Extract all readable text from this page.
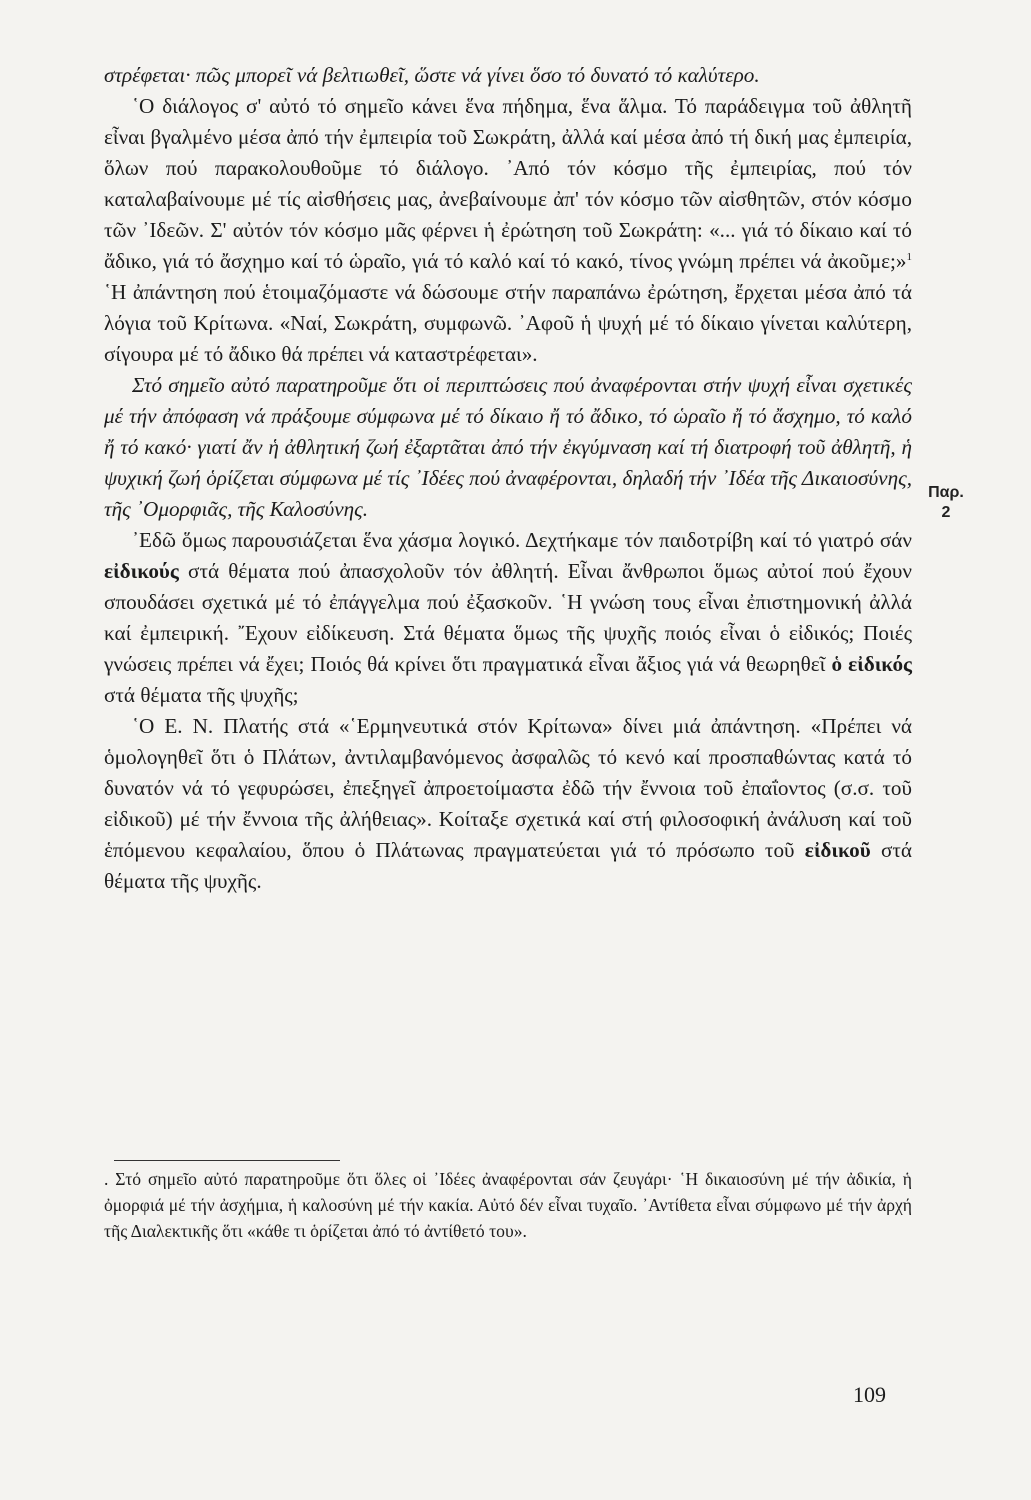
στρέφεται· πῶς μπορεῖ νά βελτιωθεῖ, ὥστε νά γίνει ὅσο τό δυνατό τό καλύτερο.

῾Ο διάλογος σ' αὐτό τό σημεῖο κάνει ἕνα πήδημα, ἕνα ἅλμα. Τό παράδειγμα τοῦ ἀθλητῆ εἶναι βγαλμένο μέσα ἀπό τήν ἐμπειρία τοῦ Σωκράτη, ἀλλά καί μέσα ἀπό τή δική μας ἐμπειρία, ὅλων πού παρακολουθοῦμε τό διάλογο. ᾿Από τόν κόσμο τῆς ἐμπειρίας, πού τόν καταλαβαίνουμε μέ τίς αἰσθήσεις μας, ἀνεβαίνουμε ἀπ' τόν κόσμο τῶν αἰσθητῶν, στόν κόσμο τῶν ᾿Ιδεῶν. Σ' αὐτόν τόν κόσμο μᾶς φέρνει ἡ ἐρώτηση τοῦ Σωκράτη: «... γιά τό δίκαιο καί τό ἄδικο, γιά τό ἄσχημο καί τό ὡραῖο, γιά τό καλό καί τό κακό, τίνος γνώμη πρέπει νά ἀκοῦμε;»$^1$ ῾Η ἀπάντηση πού ἑτοιμαζόμαστε νά δώσουμε στήν παραπάνω ἐρώτηση, ἔρχεται μέσα ἀπό τά λόγια τοῦ Κρίτωνα. «Ναί, Σωκράτη, συμφωνῶ. ᾿Αφοῦ ἡ ψυχή μέ τό δίκαιο γίνεται καλύτερη, σίγουρα μέ τό ἄδικο θά πρέπει νά καταστρέφεται».

Στό σημεῖο αὐτό παρατηροῦμε ὅτι οἱ περιπτώσεις πού ἀναφέρονται στήν ψυχή εἶναι σχετικές μέ τήν ἀπόφαση νά πράξουμε σύμφωνα μέ τό δίκαιο ἤ τό ἄδικο, τό ὡραῖο ἤ τό ἄσχημο, τό καλό ἤ τό κακό· γιατί ἄν ἡ ἀθλητική ζωή ἐξαρτᾶται ἀπό τήν ἐκγύμναση καί τή διατροφή τοῦ ἀθλητῆ, ἡ ψυχική ζωή ὁρίζεται σύμφωνα μέ τίς ᾿Ιδέες πού ἀναφέρονται, δηλαδή τήν ᾿Ιδέα τῆς Δικαιοσύνης, τῆς ᾿Ομορφιᾶς, τῆς Καλοσύνης.

᾿Εδῶ ὅμως παρουσιάζεται ἕνα χάσμα λογικό. Δεχτήκαμε τόν παιδοτρίβη καί τό γιατρό σάν εἰδικούς στά θέματα πού ἀπασχολοῦν τόν ἀθλητή. Εἶναι ἄνθρωποι ὅμως αὐτοί πού ἔχουν σπουδάσει σχετικά μέ τό ἐπάγγελμα πού ἐξασκοῦν. ῾Η γνώση τους εἶναι ἐπιστημονική ἀλλά καί ἐμπειρική. ῎Εχουν εἰδίκευση. Στά θέματα ὅμως τῆς ψυχῆς ποιός εἶναι ὁ εἰδικός; Ποιές γνώσεις πρέπει νά ἔχει; Ποιός θά κρίνει ὅτι πραγματικά εἶναι ἄξιος γιά νά θεωρηθεῖ ὁ εἰδικός στά θέματα τῆς ψυχῆς;

῾Ο Ε. Ν. Πλατής στά «῾Ερμηνευτικά στόν Κρίτωνα» δίνει μιά ἀπάντηση. «Πρέπει νά ὁμολογηθεῖ ὅτι ὁ Πλάτων, ἀντιλαμβανόμενος ἀσφαλῶς τό κενό καί προσπαθώντας κατά τό δυνατόν νά τό γεφυρώσει, ἐπεξηγεῖ ἀπροετοίμαστα ἐδῶ τήν ἔννοια τοῦ ἐπαΐοντος (σ.σ. τοῦ εἰδικοῦ) μέ τήν ἔννοια τῆς ἀλήθειας». Κοίταξε σχετικά καί στή φιλοσοφική ἀνάλυση καί τοῦ ἑπόμενου κεφαλαίου, ὅπου ὁ Πλάτωνας πραγματεύεται γιά τό πρόσωπο τοῦ εἰδικοῦ στά θέματα τῆς ψυχῆς.

Παρ.
2
. Στό σημεῖο αὐτό παρατηροῦμε ὅτι ὅλες οἱ ᾿Ιδέες ἀναφέρονται σάν ζευγάρι· ῾Η δικαιοσύνη μέ τήν ἀδικία, ἡ ὀμορφιά μέ τήν ἀσχήμια, ἡ καλοσύνη μέ τήν κακία. Αὐτό δέν εἶναι τυχαῖο. ᾿Αντίθετα εἶναι σύμφωνο μέ τήν ἀρχή τῆς Διαλεκτικῆς ὅτι «κάθε τι ὁρίζεται ἀπό τό ἀντίθετό του».
109
